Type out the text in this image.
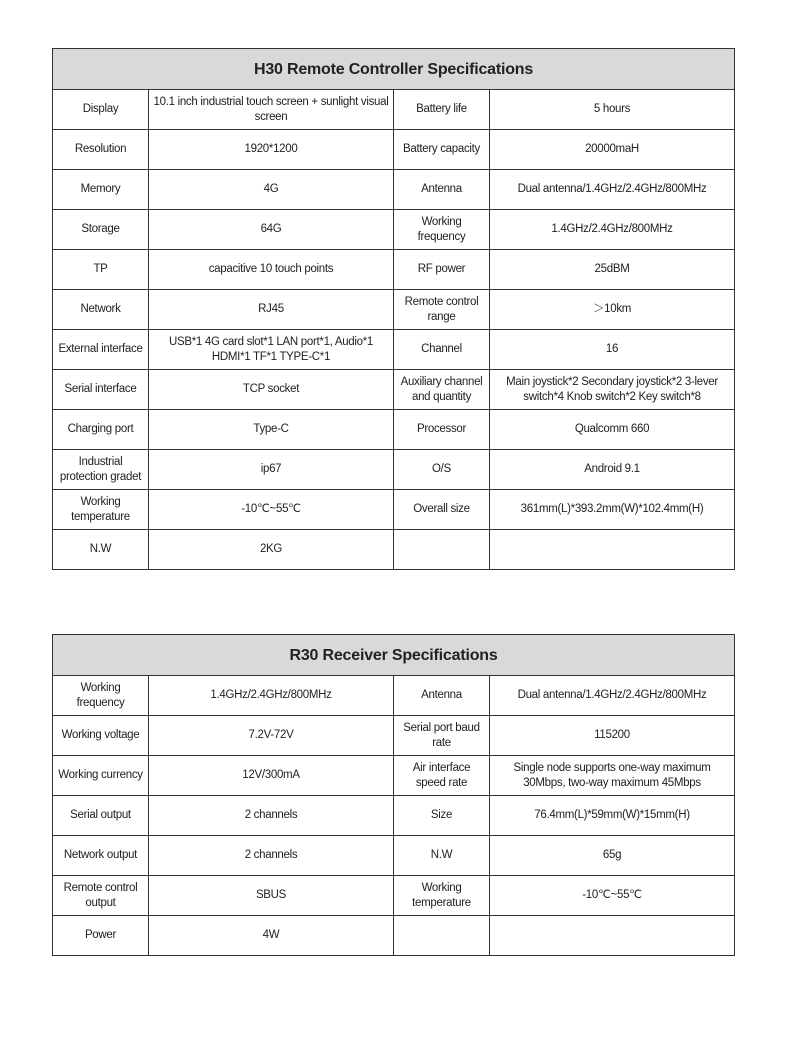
H30 Remote Controller Specifications			
Display	10.1 inch industrial touch screen + sunlight visual screen	Battery life	5 hours
Resolution	1920*1200	Battery capacity	20000maH
Memory	4G	Antenna	Dual antenna/1.4GHz/2.4GHz/800MHz
Storage	64G	Working frequency	1.4GHz/2.4GHz/800MHz
TP	capacitive 10 touch points	RF power	25dBM
Network	RJ45	Remote control range	＞10km
External interface	USB*1 4G card slot*1 LAN port*1, Audio*1 HDMI*1 TF*1 TYPE-C*1	Channel	16
Serial interface	TCP socket	Auxiliary channel and quantity	Main joystick*2 Secondary joystick*2 3-lever switch*4 Knob switch*2 Key switch*8
Charging port	Type-C	Processor	Qualcomm 660
Industrial protection gradet	ip67	O/S	Android 9.1
Working temperature	-10℃~55℃	Overall size	361mm(L)*393.2mm(W)*102.4mm(H)
N.W	2KG		
R30 Receiver Specifications			
Working frequency	1.4GHz/2.4GHz/800MHz	Antenna	Dual antenna/1.4GHz/2.4GHz/800MHz
Working voltage	7.2V-72V	Serial port baud rate	115200
Working currency	12V/300mA	Air interface speed rate	Single node supports one-way maximum 30Mbps, two-way maximum 45Mbps
Serial output	2 channels	Size	76.4mm(L)*59mm(W)*15mm(H)
Network output	2 channels	N.W	65g
Remote control output	SBUS	Working temperature	-10℃~55℃
Power	4W		
